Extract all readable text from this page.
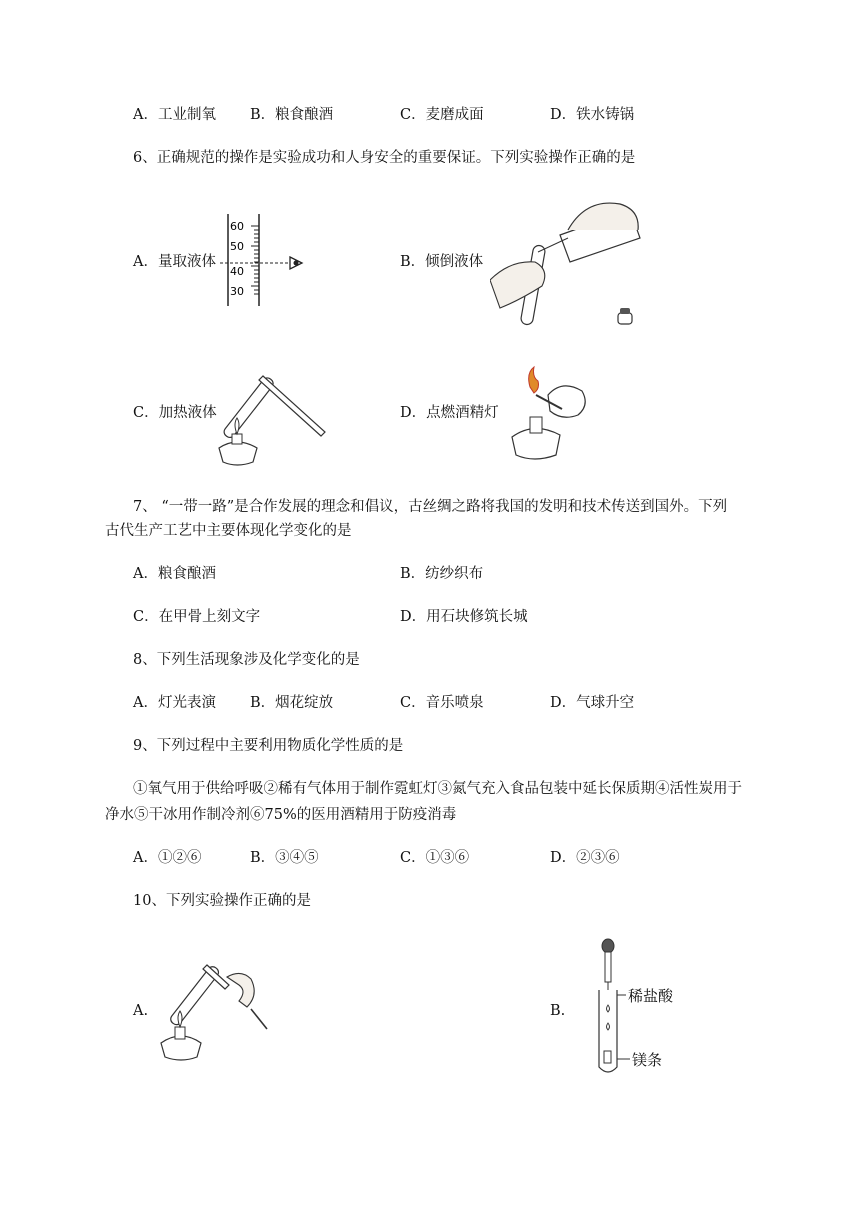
A．工业制氧 B．粮食酿酒	C．麦磨成面	D．铁水铸锅
6、正确规范的操作是实验成功和人身安全的重要保证。下列实验操作正确的是
A．量取液体
60
50
40
30
B．倾倒液体
C．加热液体	D．点燃酒精灯
7、 “一带一路”是合作发展的理念和倡议，古丝绸之路将我国的发明和技术传送到国外。下列
古代生产工艺中主要体现化学变化的是
A．粮食酿酒	B．纺纱织布
C．在甲骨上刻文字	D．用石块修筑长城
8、下列生活现象涉及化学变化的是
A．灯光表演 B．烟花绽放	C．音乐喷泉	D．气球升空
9、下列过程中主要利用物质化学性质的是
①氧气用于供给呼吸②稀有气体用于制作霓虹灯③氮气充入食品包装中延长保质期④活性炭用于
净水⑤干冰用作制冷剂⑥75%的医用酒精用于防疫消毒
A．①②⑥	B．③④⑤	C．①③⑥	D．②③⑥
10、下列实验操作正确的是
A.	B.
稀盐酸
镁条
